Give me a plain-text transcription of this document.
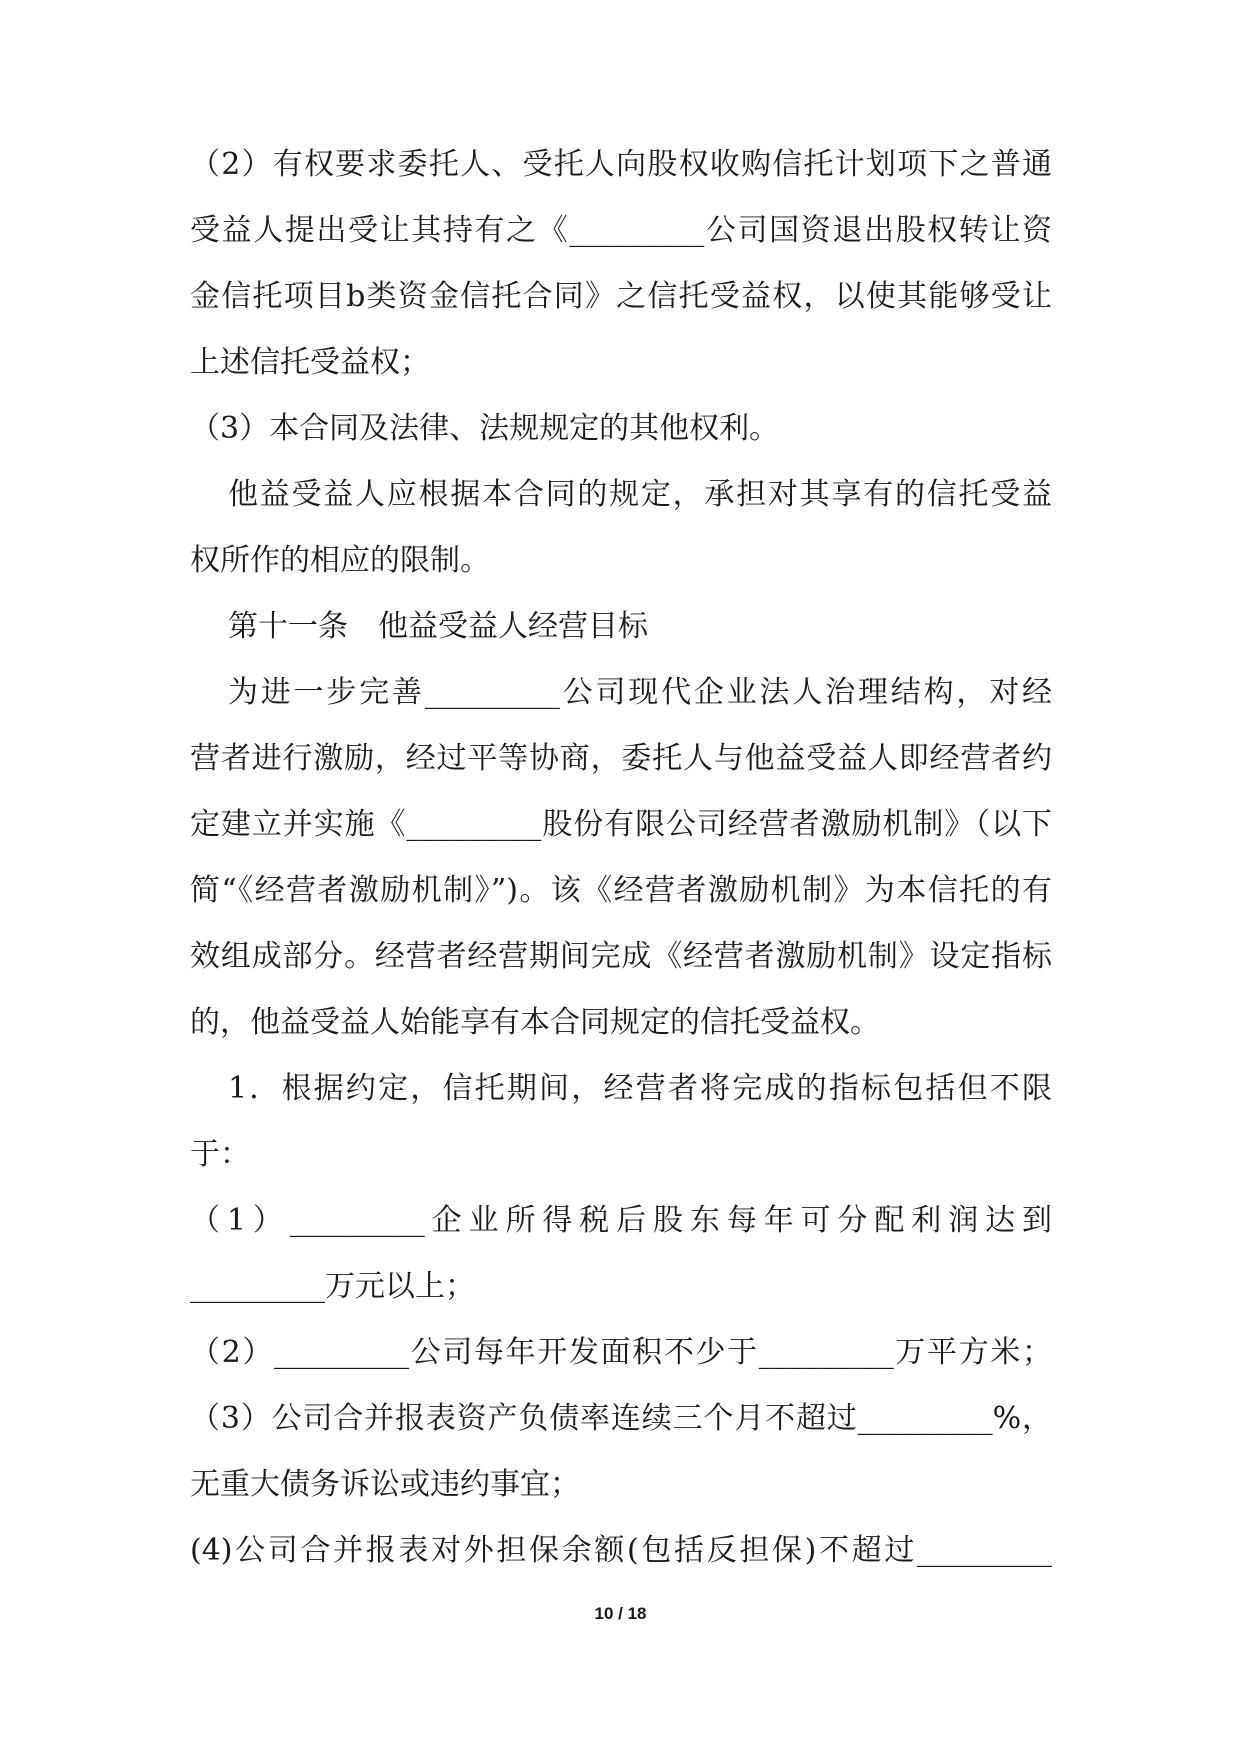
（2）有权要求委托人、受托人向股权收购信托计划项下之普通

受益人提出受让其持有之《_________公司国资退出股权转让资

金信托项目b类资金信托合同》之信托受益权，以使其能够受让

上述信托受益权；

（3）本合同及法律、法规规定的其他权利。

他益受益人应根据本合同的规定，承担对其享有的信托受益

权所作的相应的限制。

第十一条　他益受益人经营目标

为进一步完善_________公司现代企业法人治理结构，对经

营者进行激励，经过平等协商，委托人与他益受益人即经营者约

定建立并实施《_________股份有限公司经营者激励机制》（以下

简“《经营者激励机制》”)。该《经营者激励机制》为本信托的有

效组成部分。经营者经营期间完成《经营者激励机制》设定指标

的，他益受益人始能享有本合同规定的信托受益权。

1．根据约定，信托期间，经营者将完成的指标包括但不限

于：

（1）_________企业所得税后股东每年可分配利润达到

_________万元以上；

（2）_________公司每年开发面积不少于_________万平方米；

（3）公司合并报表资产负债率连续三个月不超过_________%，

无重大债务诉讼或违约事宜；

(4)公司合并报表对外担保余额(包括反担保)不超过_________

10 / 18
